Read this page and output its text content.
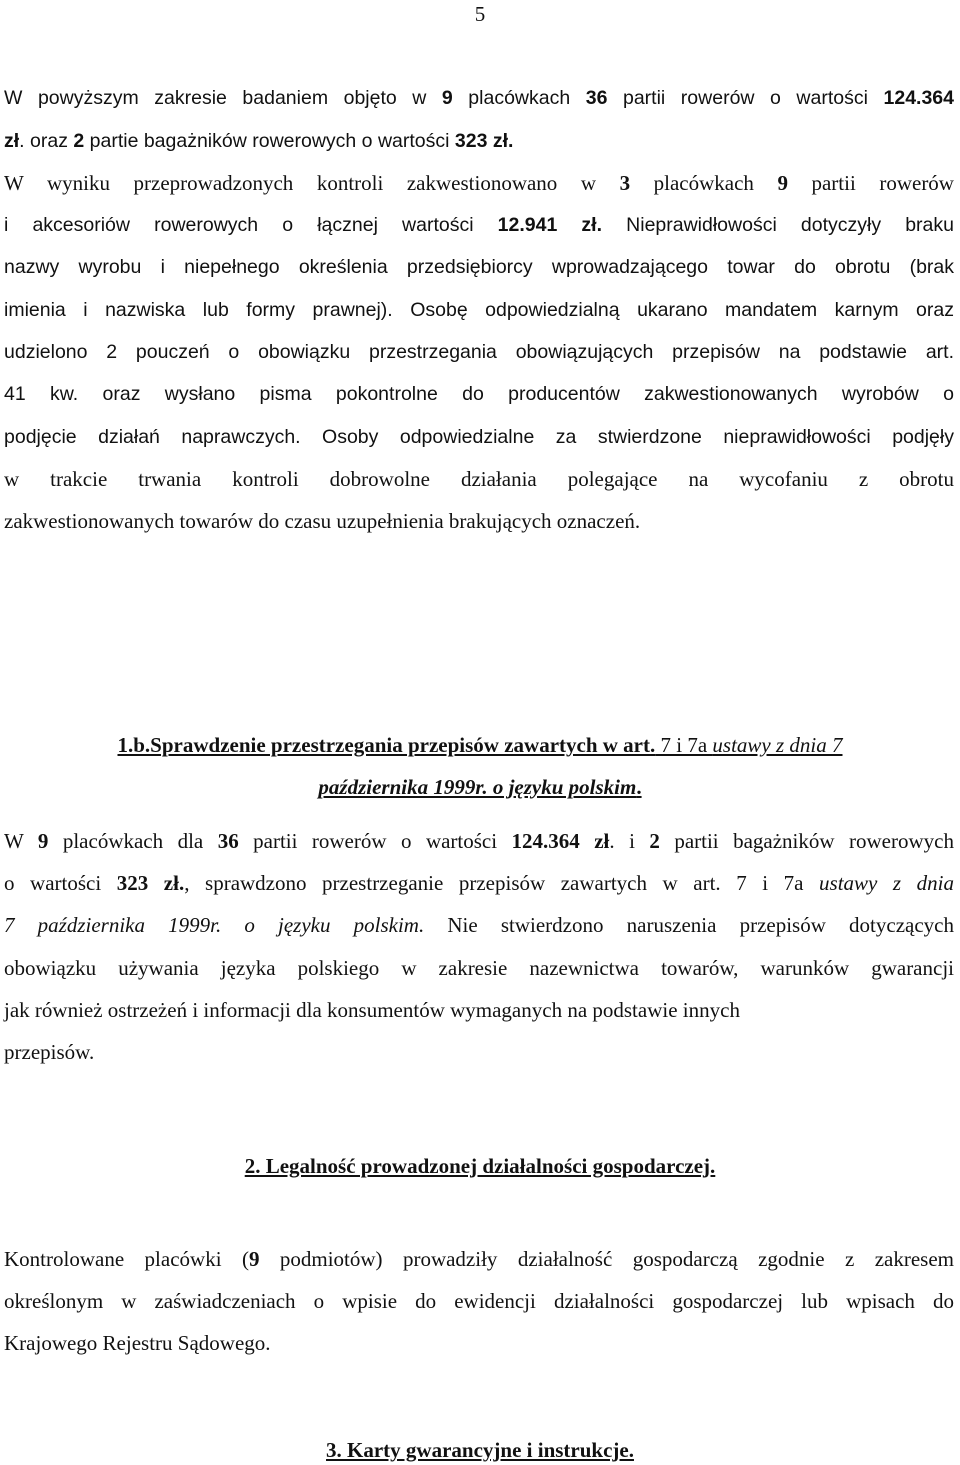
5
W powyższym zakresie badaniem objęto w 9 placówkach 36 partii rowerów o wartości 124.364
zł. oraz 2 partie bagażników rowerowych o wartości 323 zł.
W wyniku przeprowadzonych kontroli zakwestionowano w 3 placówkach 9 partii rowerów
i akcesoriów rowerowych o łącznej wartości 12.941 zł. Nieprawidłowości dotyczyły braku
nazwy wyrobu i niepełnego określenia przedsiębiorcy wprowadzającego towar do obrotu (brak
imienia i nazwiska lub formy prawnej). Osobę odpowiedzialną ukarano mandatem karnym oraz
udzielono 2 pouczeń o obowiązku przestrzegania obowiązujących przepisów na podstawie art.
41 kw. oraz wysłano pisma pokontrolne do producentów zakwestionowanych wyrobów o
podjęcie działań naprawczych. Osoby odpowiedzialne za stwierdzone nieprawidłowości podjęły
w trakcie trwania kontroli dobrowolne działania polegające na wycofaniu z obrotu
zakwestionowanych towarów do czasu uzupełnienia brakujących oznaczeń.
1.b.Sprawdzenie przestrzegania przepisów zawartych w art. 7 i 7a ustawy z dnia 7
października 1999r. o języku polskim.
W 9 placówkach dla 36 partii rowerów o wartości 124.364 zł. i 2 partii bagażników rowerowych
o wartości 323 zł., sprawdzono przestrzeganie przepisów zawartych w art. 7 i 7a ustawy z dnia
7 października 1999r. o języku polskim. Nie stwierdzono naruszenia przepisów dotyczących
obowiązku używania języka polskiego w zakresie nazewnictwa towarów, warunków gwarancji
jak również ostrzeżeń i informacji dla konsumentów wymaganych na podstawie innych
przepisów.
2. Legalność prowadzonej działalności gospodarczej.
Kontrolowane placówki (9 podmiotów) prowadziły działalność gospodarczą zgodnie z zakresem
określonym w zaświadczeniach o wpisie do ewidencji działalności gospodarczej lub wpisach do
Krajowego Rejestru Sądowego.
3. Karty gwarancyjne i instrukcje.
